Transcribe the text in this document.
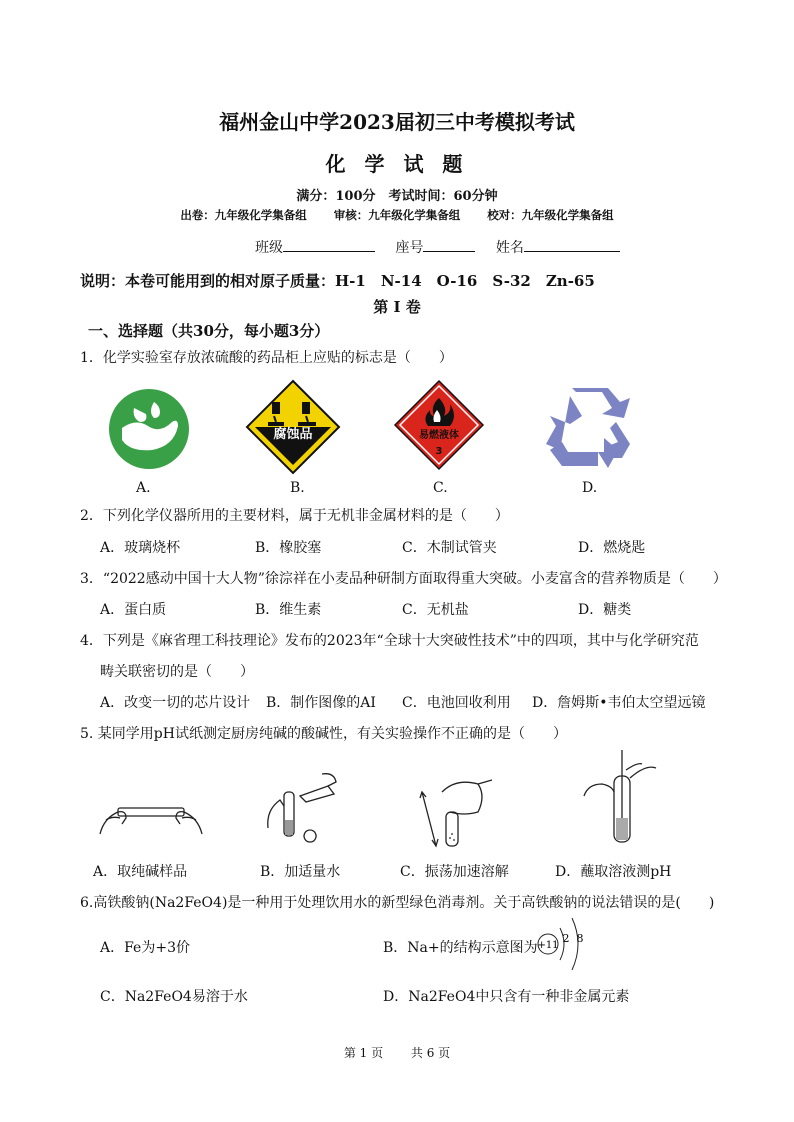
福州金山中学2023届初三中考模拟考试
化 学 试 题
满分：100分　考试时间：60分钟
出卷：九年级化学集备组 审核：九年级化学集备组 校对：九年级化学集备组
班级	座号	姓名
说明：本卷可能用到的相对原子质量：H-1　N-14　O-16　S-32　Zn-65
第 I 卷
一、选择题（共30分，每小题3分）
1．化学实验室存放浓硫酸的药品柜上应贴的标志是（　　）
A.
腐蚀品
B.
易燃液体
3
C.	D.
2．下列化学仪器所用的主要材料，属于无机非金属材料的是（　　）
A．玻璃烧杯	B．橡胶塞	C．木制试管夹	D．燃烧匙
3．“2022感动中国十大人物”徐淙祥在小麦品种研制方面取得重大突破。小麦富含的营养物质是（　　）
A．蛋白质	B．维生素	C．无机盐	D．糖类
4．下列是《麻省理工科技理论》发布的2023年“全球十大突破性技术”中的四项，其中与化学研究范
畴关联密切的是（　　）
A．改变一切的芯片设计 B．制作图像的AI C．电池回收利用 D．詹姆斯•韦伯太空望远镜
5. 某同学用pH试纸测定厨房纯碱的酸碱性，有关实验操作不正确的是（　　）
A．取纯碱样品	B．加适量水	C．振荡加速溶解	D．蘸取溶液测pH
6.高铁酸钠(Na2FeO4)是一种用于处理饮用水的新型绿色消毒剂。关于高铁酸钠的说法错误的是(　　)
A．Fe为+3价	B．Na+的结构示意图为 +11
2 8
C．Na2FeO4易溶于水	D．Na2FeO4中只含有一种非金属元素
第 1 页 共 6 页
